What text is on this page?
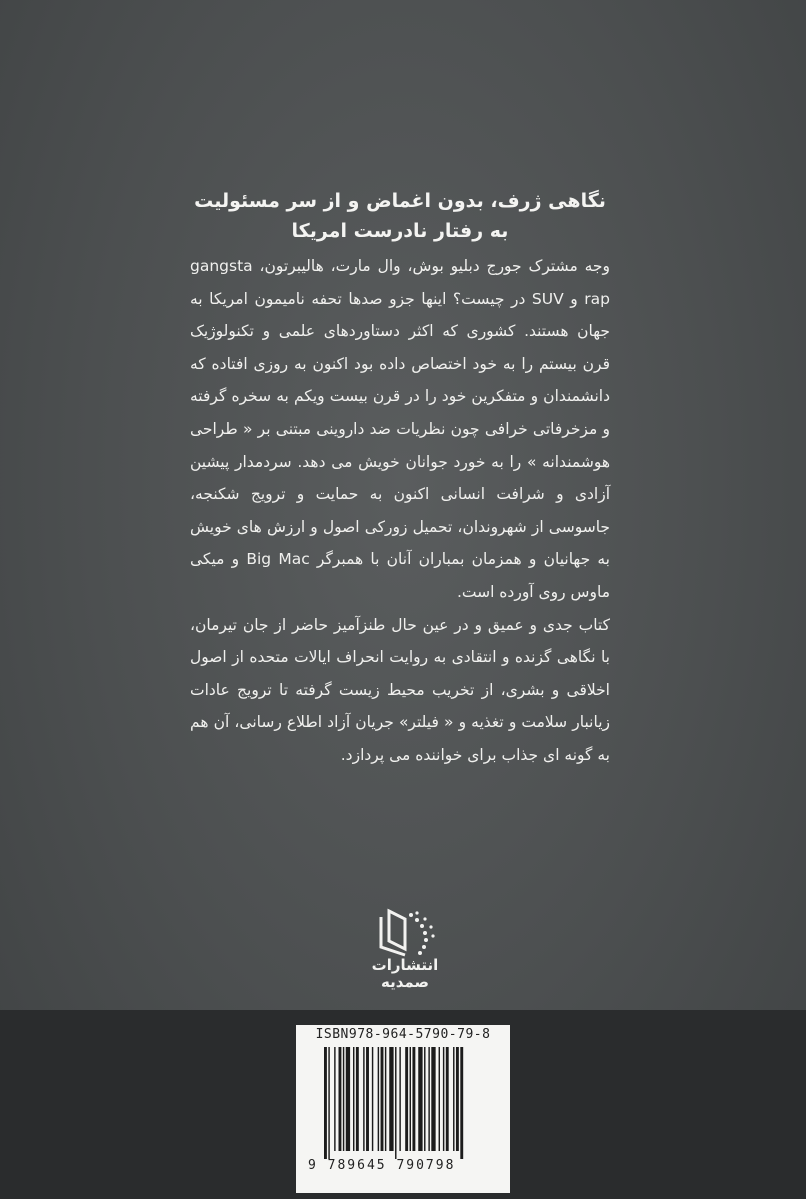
نگاهی ژرف، بدون اغماض و از سر مسئولیت
به رفتار نادرست امریکا

وجه مشترک جورج دبلیو بوش، وال مارت، هالیبرتون، gangsta rap و SUV در چیست؟ اینها جزو صدها تحفه نامیمون امریکا به جهان هستند. کشوری که اکثر دستاوردهای علمی و تکنولوژیک قرن بیستم را به خود اختصاص داده بود اکنون به روزی افتاده که دانشمندان و متفکرین خود را در قرن بیست ویکم به سخره گرفته و مزخرفاتی خرافی چون نظریات ضد داروینی مبتنی بر « طراحی هوشمندانه » را به خورد جوانان خویش می دهد. سردمدار پیشین آزادی و شرافت انسانی اکنون به حمایت و ترویج شکنجه، جاسوسی از شهروندان، تحمیل زورکی اصول و ارزش های خویش به جهانیان و همزمان بمباران آنان با همبرگر Big Mac و میکی ماوس روی آورده است.

کتاب جدی و عمیق و در عین حال طنزآمیز حاضر از جان تیرمان، با نگاهی گزنده و انتقادی به روایت انحراف ایالات متحده از اصول اخلاقی و بشری، از تخریب محیط زیست گرفته تا ترویج عادات زیانبار سلامت و تغذیه و « فیلتر» جریان آزاد اطلاع رسانی، آن هم به گونه ای جذاب برای خواننده می پردازد.

انتشارات
صمدیه
ISBN978-964-5790-79-8
9 789645 790798
